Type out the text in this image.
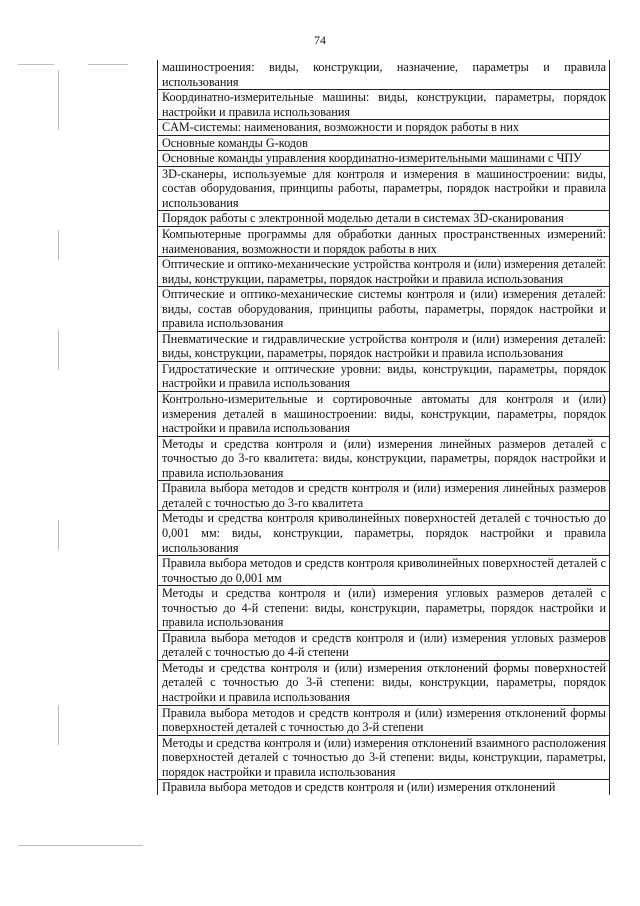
74
машиностроения: виды, конструкции, назначение, параметры и правила использования
Координатно-измерительные машины: виды, конструкции, параметры, порядок настройки и правила использования
CAM-системы: наименования, возможности и порядок работы в них
Основные команды G-кодов
Основные команды управления координатно-измерительными машинами с ЧПУ
3D-сканеры, используемые для контроля и измерения в машиностроении: виды, состав оборудования, принципы работы, параметры, порядок настройки и правила использования
Порядок работы с электронной моделью детали в системах 3D-сканирования
Компьютерные программы для обработки данных пространственных измерений: наименования, возможности и порядок работы в них
Оптические и оптико-механические устройства контроля и (или) измерения деталей: виды, конструкции, параметры, порядок настройки и правила использования
Оптические и оптико-механические системы контроля и (или) измерения деталей: виды, состав оборудования, принципы работы, параметры, порядок настройки и правила использования
Пневматические и гидравлические устройства контроля и (или) измерения деталей: виды, конструкции, параметры, порядок настройки и правила использования
Гидростатические и оптические уровни: виды, конструкции, параметры, порядок настройки и правила использования
Контрольно-измерительные и сортировочные автоматы для контроля и (или) измерения деталей в машиностроении: виды, конструкции, параметры, порядок настройки и правила использования
Методы и средства контроля и (или) измерения линейных размеров деталей с точностью до 3-го квалитета: виды, конструкции, параметры, порядок настройки и правила использования
Правила выбора методов и средств контроля и (или) измерения линейных размеров деталей с точностью до 3-го квалитета
Методы и средства контроля криволинейных поверхностей деталей с точностью до 0,001 мм: виды, конструкции, параметры, порядок настройки и правила использования
Правила выбора методов и средств контроля криволинейных поверхностей деталей с точностью до 0,001 мм
Методы и средства контроля и (или) измерения угловых размеров деталей с точностью до 4-й степени: виды, конструкции, параметры, порядок настройки и правила использования
Правила выбора методов и средств контроля и (или) измерения угловых размеров деталей с точностью до 4-й степени
Методы и средства контроля и (или) измерения отклонений формы поверхностей деталей с точностью до 3-й степени: виды, конструкции, параметры, порядок настройки и правила использования
Правила выбора методов и средств контроля и (или) измерения отклонений формы поверхностей деталей с точностью до 3-й степени
Методы и средства контроля и (или) измерения отклонений взаимного расположения поверхностей деталей с точностью до 3-й степени: виды, конструкции, параметры, порядок настройки и правила использования
Правила выбора методов и средств контроля и (или) измерения отклонений
